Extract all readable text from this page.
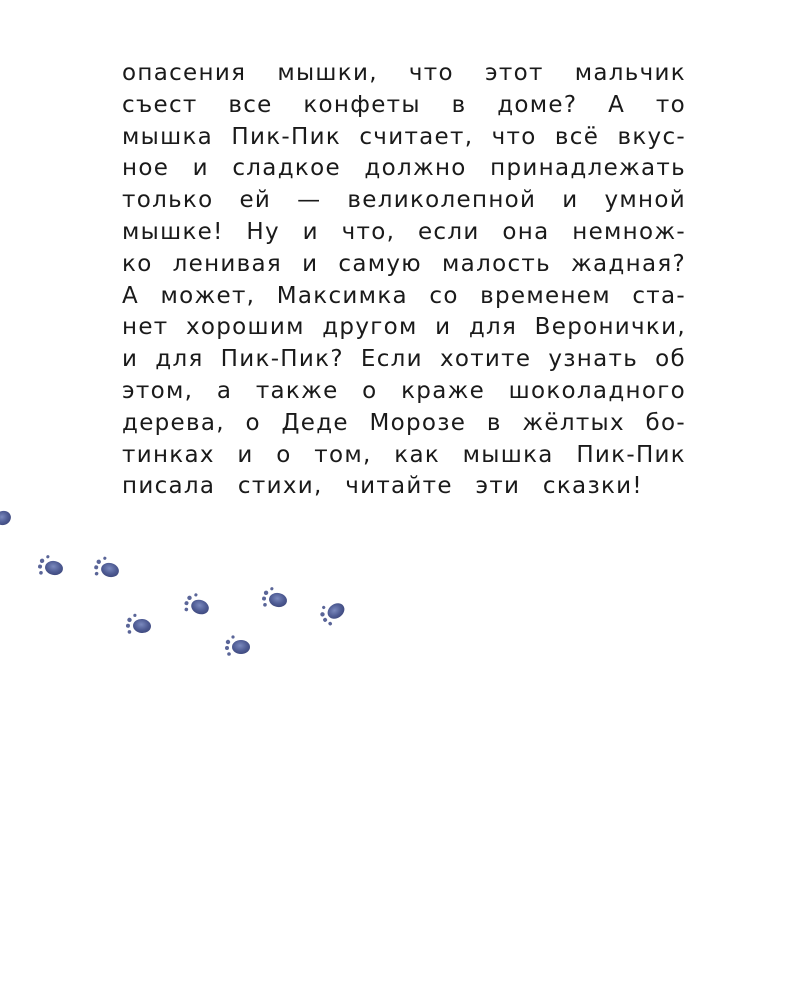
опасения мышки, что этот мальчик
съест все конфеты в доме? А то
мышка Пик-Пик считает, что всё вкус-
ное и сладкое должно принадлежать
только ей — великолепной и умной
мышке! Ну и что, если она немнож-
ко ленивая и самую малость жадная?
А может, Максимка со временем ста-
нет хорошим другом и для Веронички,
и для Пик-Пик? Если хотите узнать об
этом, а также о краже шоколадного
дерева, о Деде Морозе в жёлтых бо-
тинках и о том, как мышка Пик-Пик
писала стихи, читайте эти сказки!
